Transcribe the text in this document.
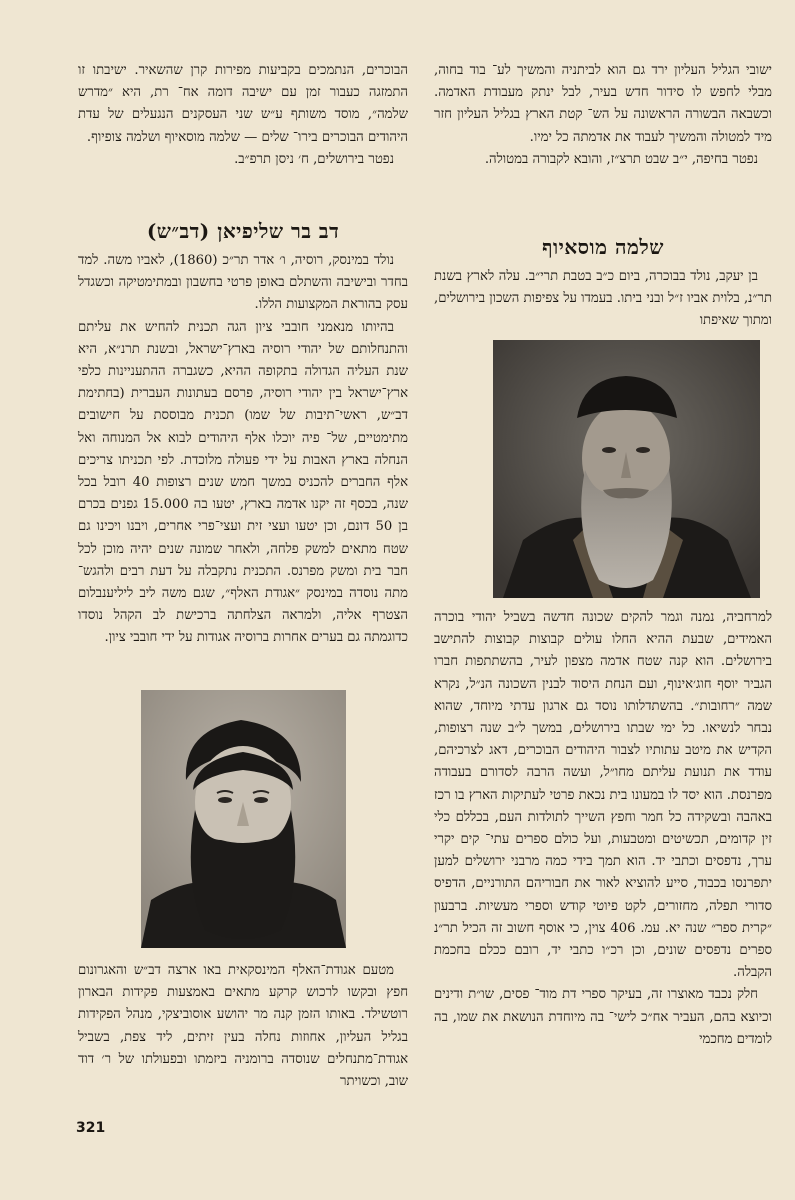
ישובי הגליל העליון ירד גם הוא לביתניה והמשיך לע־ בוד בחוה, מבלי לחפש לו סידור חדש בעיר, לבל ינתק מעבודת האדמה. וכשבאה הבשורה הראשונה על הש־ קטת הארץ בגליל העליון חזר מיד למטולה והמשיך לעבוד את אדמתה כל ימיו.

נפטר בחיפה, י״ב שבט תרצ״ז, והובא לקבורה במטולה.

שלמה מוסאיוף

בן יעקב, נולד בבוכרה, ביום כ״ב בטבת תרי״ב. עלה לארץ בשנת תר״נ, בלוית אביו ז״ל ובני ביתו. בעמדו על צפיפות השכון בירושלים, ומתוך שאיפתו

למרחביה, נמנה וגמר להקים שכונה חדשה בשביל יהודי בוכרה האמידים, שבעת ההיא החלו עולים קבוצות קבוצות להתישב בירושלים. הוא קנה שטח אדמה מצפון לעיר, בהשתתפות חברו הגביר יוסף חוג׳אינוף, ועם הנחת היסוד לבנין השכונה הנ״ל, נקרא שמה ״רחובות״. בהשתדלותו נוסד גם ארגון עדתי מיוחד, שהוא נבחר לנשיאו. כל ימי שבתו בירושלים, במשך ל״ב שנה רצופות, הקדיש את מיטב עתותיו לצבור היהודים הבוכרים, דאג לצרכיהם, עודד את תנועת עליתם מחו״ל, ועשה הרבה לסדורם בעבודה מפרנסת. הוא יסד לו במעונו בית נכאת פרטי לעתיקות הארץ בו רכז באהבה ובשקידה כל חמר וחפץ השייך לתולדות העם, בכללם כלי זין קדומים, תכשיטים ומטבעות, ועל כולם ספרים עתי־ קים יקרי ערך, נדפסים וכתבי יד. הוא תמך בידי כמה מרבני ירושלים למען יתפרנסו בכבוד, סייע להוציא לאור את חבוריהם התורניים, הדפיס סדורי תפלה, מחזורים, לקט פיוטי קודש וספרי מעשיות. ברבעון ״קרית ספר״ שנה יא. עמ. 406 צוין, כי אוסף חשוב זה הכיל תר״נ ספרים נדפסים שונים, וכן רכ״ו כתבי יד, רובם ככלם בחכמת הקבלה.

חלק נכבד מאוצרו זה, בעיקר ספרי דת מוד־ פסים, שו״ת ודינים וכיוצא בהם, העביר אח״כ לישי־ בה מיוחדת הנושאת את שמו, בה לומדים מחכמי

הבוכרים, הנתמכים בקביעות מפירות קרן שהשאיר. ישיבתו זו התמזגה כעבור זמן עם ישיבה דומה אח־ רת, היא ״מדרש שלמה״, מוסד משותף ע״ש שני העסקנים הנגעלים של עדת היהודים הבוכרים בירו־ שלים — שלמה מוסאיוף ושלמה צופיוף.

נפטר בירושלים, ח׳ ניסן תרפ״ב.

דב בר שליפיאן (דב״ש)

נולד במינסק, רוסיה, ו׳ אדר תר״כ (1860), לאביו משה. למד בחדר ובישיבה והשתלם באופן פרטי בחשבון ובמתימטיקה וכשגדל עסק בהוראת המקצועות הללו.

בהיותו מנאמני חובבי ציון הגה תכנית להחיש את עליתם והתנחלותם של יהודי רוסיה בארץ־ישראל, ובשנת תרנ״א, היא שנת העליה הגדולה בתקופה ההיא, כשגברה ההתעניינות כלפי ארץ־ישראל בין יהודי רוסיה, פרסם בעתונות העברית (בחתימת דב״ש, ראשי־תיבות של שמו) תכנית מבוססת על חישובים מתימטיים, של־ פיה יוכלו אלף היהודים לבוא אל המנוחה ואל הנחלה בארץ האבות על ידי פעולה מלוכדת. לפי תכניתו צריכים אלף החברים להכניס במשך חמש שנים רצופות 40 רובל בכל שנה, בכסף זה יקנו אדמה בארץ, יטעו בה 15.000 גפנים בכרם בן 50 דונם, וכן יטעו ועצי זית ועצי־פרי אחרים, ויבנו ויכינו גם שטח מתאים למשק פלחה, ולאחר שמונה שנים יהיה מוכן לכל חבר בית ומשק מפרנס. התכנית נתקבלה על דעת רבים ולהגש־ מתה נוסדה במינסק ״אגודת האלף״, שגם משה ליב ליליענבלום הצטרף אליה, ולמראה הצלחתה ברכישת לב הקהל נוסדו כדוגמתה גם בערים אחרות ברוסיה אגודות על ידי חובבי ציון.

מטעם אגודת־האלף המינסקאית באו ארצה דב״ש והאגרונום חפץ ובקשו לרכוש קרקע מתאים באמצעות פקידות הבארון רוטשילד. באותו הזמן קנה מר יהושע אוסוביצקי, מנהל הפקידות בגליל העליון, אחוזות נחלה בעין זיתים, ליד צפת, בשביל אגודת־מתנחלים שנוסדה ברומניה ביזמתו ובפעולתו של ר׳ דוד שוב, וכשויתר

321
